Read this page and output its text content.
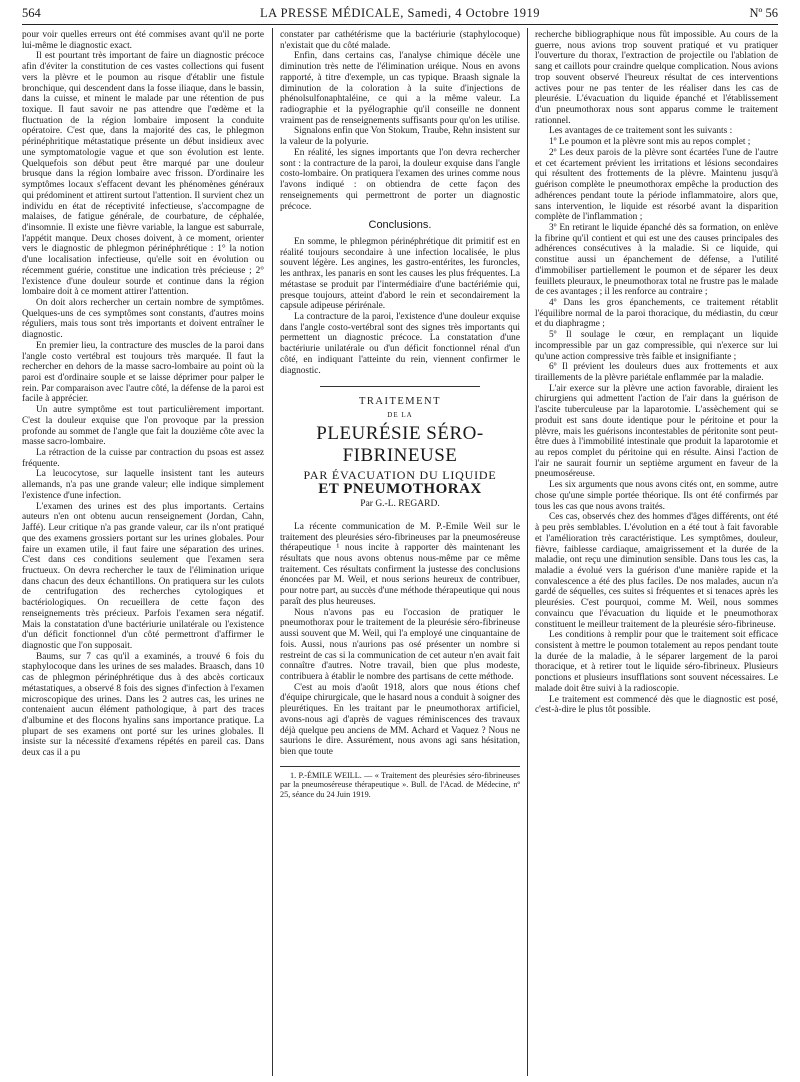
564	LA PRESSE MÉDICALE, Samedi, 4 Octobre 1919	Nº 56

pour voir quelles erreurs ont été commises avant qu'il ne porte lui-même le diagnostic exact.

Il est pourtant très important de faire un diagnostic précoce afin d'éviter la constitution de ces vastes collections qui fusent vers la plèvre et le poumon au risque d'établir une fistule bronchique, qui descendent dans la fosse iliaque, dans le bassin, dans la cuisse, et minent le malade par une rétention de pus toxique. Il faut savoir ne pas attendre que l'œdème et la fluctuation de la région lombaire imposent la conduite opératoire. C'est que, dans la majorité des cas, le phlegmon périnéphritique métastatique présente un début insidieux avec une symptomatologie vague et que son évolution est lente. Quelquefois son début peut être marqué par une douleur brusque dans la région lombaire avec frisson. D'ordinaire les symptômes locaux s'effacent devant les phénomènes généraux qui prédominent et attirent surtout l'attention. Il survient chez un individu en état de réceptivité infectieuse, s'accompagne de malaises, de fatigue générale, de courbature, de céphalée, d'insomnie. Il existe une fièvre variable, la langue est saburrale, l'appétit manque. Deux choses doivent, à ce moment, orienter vers le diagnostic de phlegmon périnéphrétique : 1° la notion d'une localisation infectieuse, qu'elle soit en évolution ou récemment guérie, constitue une indication très précieuse ; 2° l'existence d'une douleur sourde et continue dans la région lombaire doit à ce moment attirer l'attention.

On doit alors rechercher un certain nombre de symptômes. Quelques-uns de ces symptômes sont constants, d'autres moins réguliers, mais tous sont très importants et doivent entraîner le diagnostic.

En premier lieu, la contracture des muscles de la paroi dans l'angle costo vertébral est toujours très marquée. Il faut la rechercher en dehors de la masse sacro-lombaire au point où la paroi est d'ordinaire souple et se laisse déprimer pour palper le rein. Par comparaison avec l'autre côté, la défense de la paroi est facile à apprécier.

Un autre symptôme est tout particulièrement important. C'est la douleur exquise que l'on provoque par la pression profonde au sommet de l'angle que fait la douzième côte avec la masse sacro-lombaire.

La rétraction de la cuisse par contraction du psoas est assez fréquente.

La leucocytose, sur laquelle insistent tant les auteurs allemands, n'a pas une grande valeur; elle indique simplement l'existence d'une infection.

L'examen des urines est des plus importants. Certains auteurs n'en ont obtenu aucun renseignement (Jordan, Cahn, Jaffé). Leur critique n'a pas grande valeur, car ils n'ont pratiqué que des examens grossiers portant sur les urines globales. Pour faire un examen utile, il faut faire une séparation des urines. C'est dans ces conditions seulement que l'examen sera fructueux. On devra rechercher le taux de l'élimination urique dans chacun des deux échantillons. On pratiquera sur les culots de centrifugation des recherches cytologiques et bactériologiques. On recueillera de cette façon des renseignements très précieux. Parfois l'examen sera négatif. Mais la constatation d'une bactériurie unilatérale ou l'existence d'un déficit fonctionnel d'un côté permettront d'affirmer le diagnostic que l'on supposait.

Baums, sur 7 cas qu'il a examinés, a trouvé 6 fois du staphylocoque dans les urines de ses malades. Braasch, dans 10 cas de phlegmon périnéphrétique dus à des abcès corticaux métastatiques, a observé 8 fois des signes d'infection à l'examen microscopique des urines. Dans les 2 autres cas, les urines ne contenaient aucun élément pathologique, à part des traces d'albumine et des flocons hyalins sans importance pratique. La plupart de ses examens ont porté sur les urines globales. Il insiste sur la nécessité d'examens répétés en pareil cas. Dans deux cas il a pu

constater par cathétérisme que la bactériurie (staphylocoque) n'existait que du côté malade.

Enfin, dans certains cas, l'analyse chimique décèle une diminution très nette de l'élimination uréique. Nous en avons rapporté, à titre d'exemple, un cas typique. Braash signale la diminution de la coloration à la suite d'injections de phénolsulfonaphtaléine, ce qui a la même valeur. La radiographie et la pyélographie qu'il conseille ne donnent vraiment pas de renseignements suffisants pour qu'on les utilise.

Signalons enfin que Von Stokum, Traube, Rehn insistent sur la valeur de la polyurie.

En réalité, les signes importants que l'on devra rechercher sont : la contracture de la paroi, la douleur exquise dans l'angle costo-lombaire. On pratiquera l'examen des urines comme nous l'avons indiqué : on obtiendra de cette façon des renseignements qui permettront de porter un diagnostic précoce.

Conclusions.

En somme, le phlegmon périnéphrétique dit primitif est en réalité toujours secondaire à une infection localisée, le plus souvent légère. Les angines, les gastro-entérites, les furoncles, les anthrax, les panaris en sont les causes les plus fréquentes. La métastase se produit par l'intermédiaire d'une bactériémie qui, presque toujours, atteint d'abord le rein et secondairement la capsule adipeuse périrénale.

La contracture de la paroi, l'existence d'une douleur exquise dans l'angle costo-vertébral sont des signes très importants qui permettent un diagnostic précoce. La constatation d'une bactériurie unilatérale ou d'un déficit fonctionnel rénal d'un côté, en indiquant l'atteinte du rein, viennent confirmer le diagnostic.

TRAITEMENT
DE LA
PLEURÉSIE SÉRO-FIBRINEUSE
PAR ÉVACUATION DU LIQUIDE
ET PNEUMOTHORAX
Par G.-L. REGARD.

La récente communication de M. P.-Emile Weil sur le traitement des pleurésies séro-fibrineuses par la pneumoséreuse thérapeutique ¹ nous incite à rapporter dès maintenant les résultats que nous avons obtenus nous-même par ce même traitement. Ces résultats confirment la justesse des conclusions énoncées par M. Weil, et nous serions heureux de contribuer, pour notre part, au succès d'une méthode thérapeutique qui nous paraît des plus heureuses.

Nous n'avons pas eu l'occasion de pratiquer le pneumothorax pour le traitement de la pleurésie séro-fibrineuse aussi souvent que M. Weil, qui l'a employé une cinquantaine de fois. Aussi, nous n'aurions pas osé présenter un nombre si restreint de cas si la communication de cet auteur n'en avait fait connaître d'autres. Notre travail, bien que plus modeste, contribuera à établir le nombre des partisans de cette méthode.

C'est au mois d'août 1918, alors que nous étions chef d'équipe chirurgicale, que le hasard nous a conduit à soigner des pleurétiques. En les traitant par le pneumothorax artificiel, avons-nous agi d'après de vagues réminiscences des travaux déjà quelque peu anciens de MM. Achard et Vaquez ? Nous ne saurions le dire. Assurément, nous avons agi sans hésitation, bien que toute

1. P.-ÉMILE WEILL. — « Traitement des pleurésies séro-fibrineuses par la pneumoséreuse thérapeutique ». Bull. de l'Acad. de Médecine, nº 25, séance du 24 Juin 1919.

recherche bibliographique nous fût impossible. Au cours de la guerre, nous avions trop souvent pratiqué et vu pratiquer l'ouverture du thorax, l'extraction de projectile ou l'ablation de sang et caillots pour craindre quelque complication. Nous avions trop souvent observé l'heureux résultat de ces interventions actives pour ne pas tenter de les réaliser dans les cas de pleurésie. L'évacuation du liquide épanché et l'établissement d'un pneumothorax nous sont apparus comme le traitement rationnel.

Les avantages de ce traitement sont les suivants :

1º Le poumon et la plèvre sont mis au repos complet ;

2º Les deux parois de la plèvre sont écartées l'une de l'autre et cet écartement prévient les irritations et lésions secondaires qui résultent des frottements de la plèvre. Maintenu jusqu'à guérison complète le pneumothorax empêche la production des adhérences pendant toute la période inflammatoire, alors que, sans intervention, le liquide est résorbé avant la disparition complète de l'inflammation ;

3º En retirant le liquide épanché dès sa formation, on enlève la fibrine qu'il contient et qui est une des causes principales des adhérences consécutives à la maladie. Si ce liquide, qui constitue aussi un épanchement de défense, a l'utilité d'immobiliser partiellement le poumon et de séparer les deux feuillets pleuraux, le pneumothorax total ne frustre pas le malade de ces avantages ; il les renforce au contraire ;

4º Dans les gros épanchements, ce traitement rétablit l'équilibre normal de la paroi thoracique, du médiastin, du cœur et du diaphragme ;

5º Il soulage le cœur, en remplaçant un liquide incompressible par un gaz compressible, qui n'exerce sur lui qu'une action compressive très faible et insignifiante ;

6º Il prévient les douleurs dues aux frottements et aux tiraillements de la plèvre pariétale enflammée par la maladie.

L'air exerce sur la plèvre une action favorable, diraient les chirurgiens qui admettent l'action de l'air dans la guérison de l'ascite tuberculeuse par la laparotomie. L'assèchement qui se produit est sans doute identique pour le péritoine et pour la plèvre, mais les guérisons incontestables de péritonite sont peut-être dues à l'immobilité intestinale que produit la laparotomie et au repos complet du péritoine qui en résulte. Ainsi l'action de l'air ne saurait fournir un septième argument en faveur de la pneumoséreuse.

Les six arguments que nous avons cités ont, en somme, autre chose qu'une simple portée théorique. Ils ont été confirmés par tous les cas que nous avons traités.

Ces cas, observés chez des hommes d'âges différents, ont été à peu près semblables. L'évolution en a été tout à fait favorable et l'amélioration très caractéristique. Les symptômes, douleur, fièvre, faiblesse cardiaque, amaigrissement et la durée de la maladie, ont reçu une diminution sensible. Dans tous les cas, la maladie a évolué vers la guérison d'une manière rapide et la convalescence a été des plus faciles. De nos malades, aucun n'a gardé de séquelles, ces suites si fréquentes et si tenaces après les pleurésies. C'est pourquoi, comme M. Weil, nous sommes convaincu que l'évacuation du liquide et le pneumothorax constituent le meilleur traitement de la pleurésie séro-fibrineuse.

Les conditions à remplir pour que le traitement soit efficace consistent à mettre le poumon totalement au repos pendant toute la durée de la maladie, à le séparer largement de la paroi thoracique, et à retirer tout le liquide séro-fibrineux. Plusieurs ponctions et plusieurs insufflations sont souvent nécessaires. Le malade doit être suivi à la radioscopie.

Le traitement est commencé dès que le diagnostic est posé, c'est-à-dire le plus tôt possible.
